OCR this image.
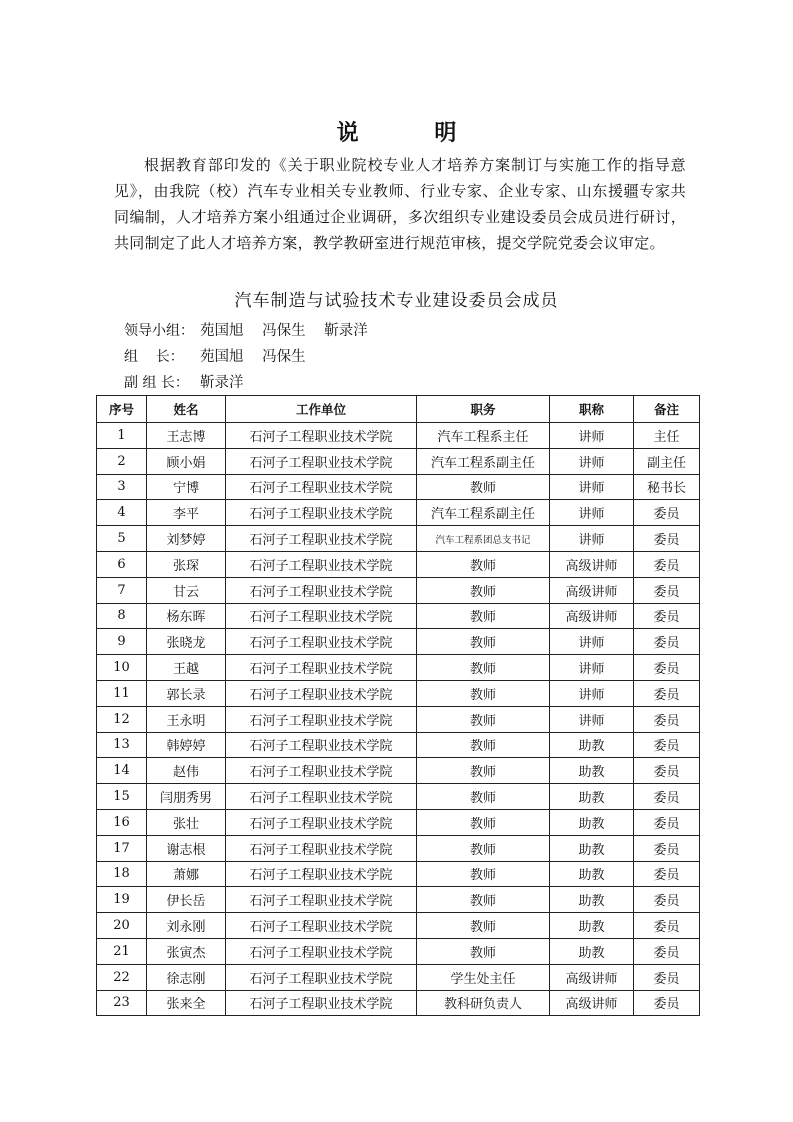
说 明
根据教育部印发的《关于职业院校专业人才培养方案制订与实施工作的指导意见》，由我院（校）汽车专业相关专业教师、行业专家、企业专家、山东援疆专家共同编制，人才培养方案小组通过企业调研，多次组织专业建设委员会成员进行研讨，共同制定了此人才培养方案，教学教研室进行规范审核，提交学院党委会议审定。
汽车制造与试验技术专业建设委员会成员
领导小组： 苑国旭 冯保生 靳录洋
组    长： 苑国旭 冯保生
副 组 长： 靳录洋
序号	姓名	工作单位	职务	职称	备注
1	王志博	石河子工程职业技术学院	汽车工程系主任	讲师	主任
2	顾小娟	石河子工程职业技术学院	汽车工程系副主任	讲师	副主任
3	宁博	石河子工程职业技术学院	教师	讲师	秘书长
4	李平	石河子工程职业技术学院	汽车工程系副主任	讲师	委员
5	刘梦婷	石河子工程职业技术学院	汽车工程系团总支书记	讲师	委员
6	张琛	石河子工程职业技术学院	教师	高级讲师	委员
7	甘云	石河子工程职业技术学院	教师	高级讲师	委员
8	杨东晖	石河子工程职业技术学院	教师	高级讲师	委员
9	张晓龙	石河子工程职业技术学院	教师	讲师	委员
10	王越	石河子工程职业技术学院	教师	讲师	委员
11	郭长录	石河子工程职业技术学院	教师	讲师	委员
12	王永明	石河子工程职业技术学院	教师	讲师	委员
13	韩婷婷	石河子工程职业技术学院	教师	助教	委员
14	赵伟	石河子工程职业技术学院	教师	助教	委员
15	闫朋秀男	石河子工程职业技术学院	教师	助教	委员
16	张壮	石河子工程职业技术学院	教师	助教	委员
17	谢志根	石河子工程职业技术学院	教师	助教	委员
18	萧娜	石河子工程职业技术学院	教师	助教	委员
19	伊长岳	石河子工程职业技术学院	教师	助教	委员
20	刘永刚	石河子工程职业技术学院	教师	助教	委员
21	张寅杰	石河子工程职业技术学院	教师	助教	委员
22	徐志刚	石河子工程职业技术学院	学生处主任	高级讲师	委员
23	张来全	石河子工程职业技术学院	教科研负责人	高级讲师	委员
